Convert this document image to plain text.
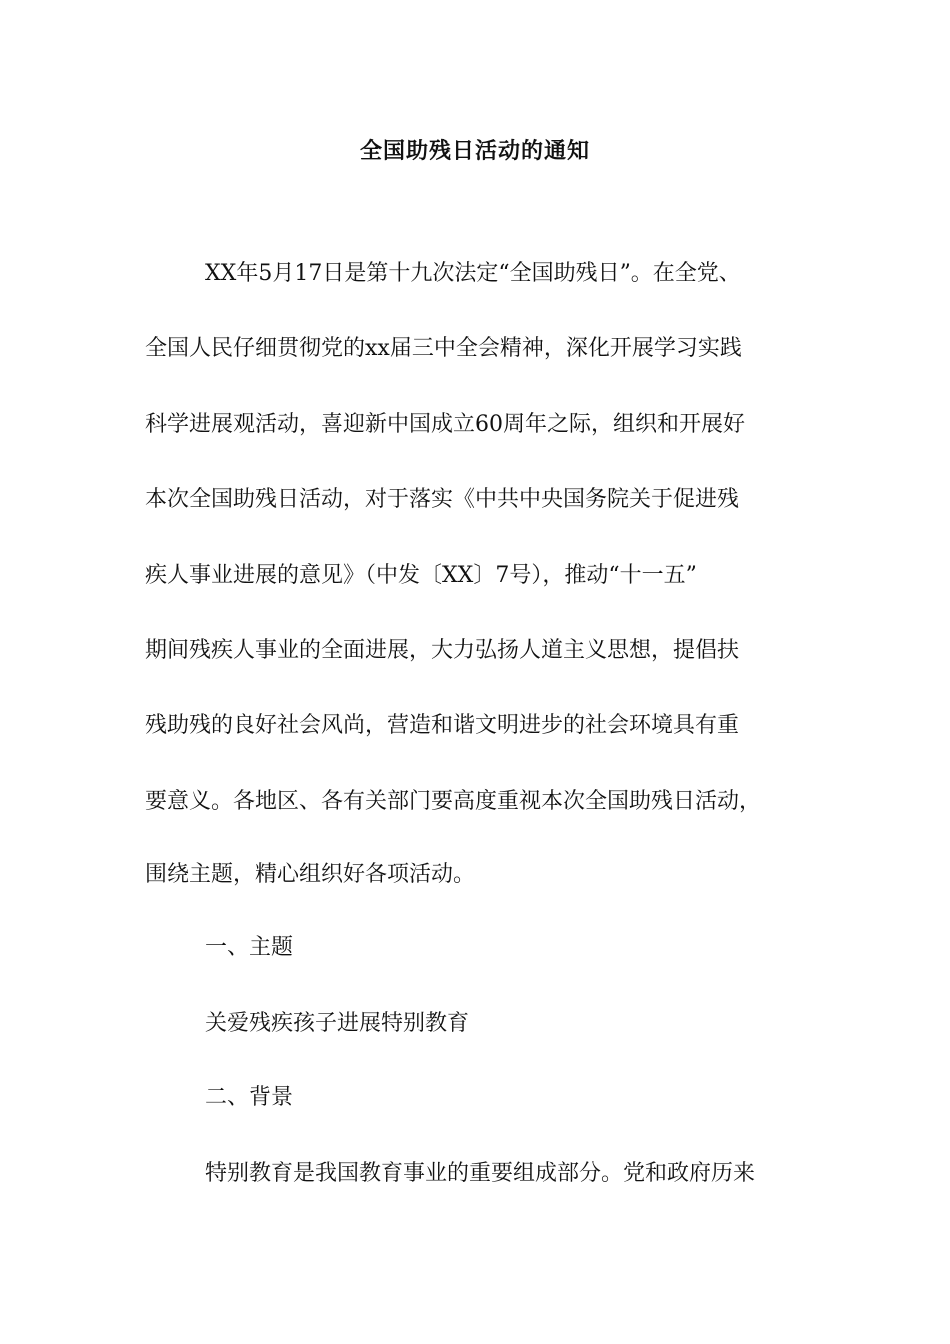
全国助残日活动的通知
XX年5月17日是第十九次法定“全国助残日”。在全党、
全国人民仔细贯彻党的xx届三中全会精神，深化开展学习实践
科学进展观活动，喜迎新中国成立60周年之际，组织和开展好
本次全国助残日活动，对于落实《中共中央国务院关于促进残
疾人事业进展的意见》（中发〔XX〕7号），推动“十一五”
期间残疾人事业的全面进展，大力弘扬人道主义思想，提倡扶
残助残的良好社会风尚，营造和谐文明进步的社会环境具有重
要意义。各地区、各有关部门要高度重视本次全国助残日活动，
围绕主题，精心组织好各项活动。
一、主题
关爱残疾孩子进展特别教育
二、背景
特别教育是我国教育事业的重要组成部分。党和政府历来
